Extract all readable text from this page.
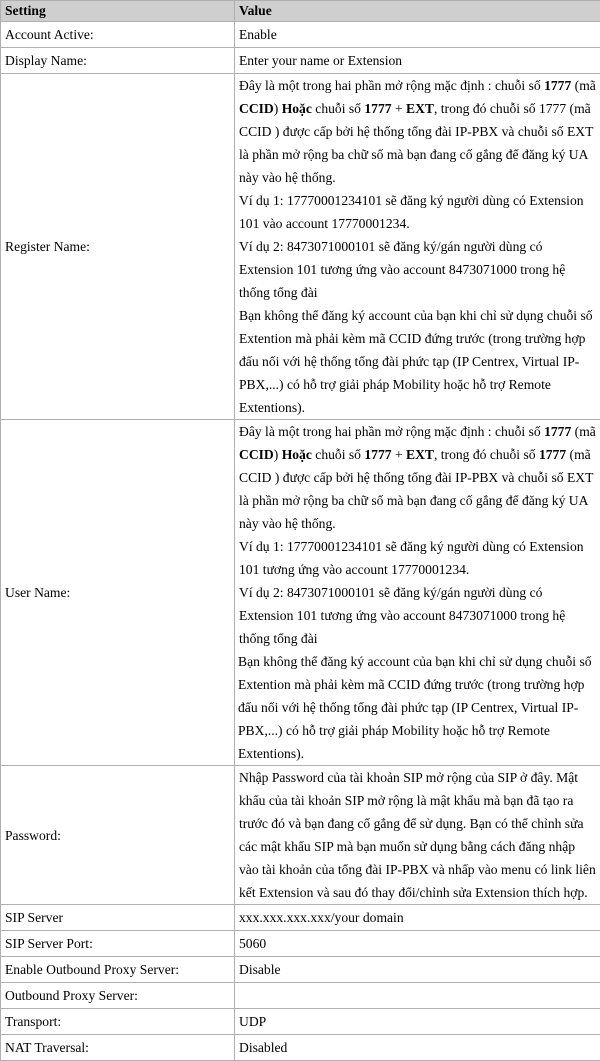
Setting	Value
Account Active:	Enable
Display Name:	Enter your name or Extension
Register Name:	Đây là một trong hai phần mở rộng mặc định : chuỗi số 1777 (mã CCID) Hoặc chuỗi số 1777 + EXT, trong đó chuỗi số 1777 (mã CCID ) được cấp bởi hệ thống tổng đài IP-PBX và chuỗi số EXT là phần mở rộng ba chữ số mà bạn đang cố gắng để đăng ký UA này vào hệ thống.
Ví dụ 1: 17770001234101 sẽ đăng ký người dùng có Extension 101 vào account 17770001234.
Ví dụ 2: 8473071000101 sẽ đăng ký/gán người dùng có Extension 101 tương ứng vào account 8473071000 trong hệ thống tổng đài
Bạn không thể đăng ký account của bạn khi chỉ sử dụng chuỗi số Extention mà phải kèm mã CCID đứng trước (trong trường hợp đấu nối với hệ thống tổng đài phức tạp (IP Centrex, Virtual IP-PBX,...) có hỗ trợ giải pháp Mobility hoặc hỗ trợ Remote Extentions).

User Name:	Đây là một trong hai phần mở rộng mặc định : chuỗi số 1777 (mã CCID) Hoặc chuỗi số 1777 + EXT, trong đó chuỗi số 1777 (mã CCID ) được cấp bởi hệ thống tổng đài IP-PBX và chuỗi số EXT là phần mở rộng ba chữ số mà bạn đang cố gắng để đăng ký UA này vào hệ thống.
Ví dụ 1: 17770001234101 sẽ đăng ký người dùng có Extension 101 tương ứng vào account 17770001234.
Ví dụ 2: 8473071000101 sẽ đăng ký/gán người dùng có Extension 101 tương ứng vào account 8473071000 trong hệ thống tổng đài
Bạn không thể đăng ký account của bạn khi chỉ sử dụng chuỗi số Extention mà phải kèm mã CCID đứng trước (trong trường hợp đấu nối với hệ thống tổng đài phức tạp (IP Centrex, Virtual IP-PBX,...) có hỗ trợ giải pháp Mobility hoặc hỗ trợ Remote Extentions).

Password:	Nhập Password của tài khoản SIP mở rộng của SIP ở đây. Mật khẩu của tài khoản SIP mở rộng là mật khẩu mà bạn đã tạo ra trước đó và bạn đang cố gắng để sử dụng. Bạn có thể chỉnh sửa các mật khẩu SIP mà bạn muốn sử dụng bằng cách đăng nhập vào tài khoản của tổng đài IP-PBX và nhấp vào menu có link liên kết Extension và sau đó thay đổi/chỉnh sửa Extension thích hợp.
SIP Server	xxx.xxx.xxx.xxx/your domain
SIP Server Port:	5060
Enable Outbound Proxy Server:	Disable
Outbound Proxy Server:	
Transport:	UDP
NAT Traversal:	Disabled
